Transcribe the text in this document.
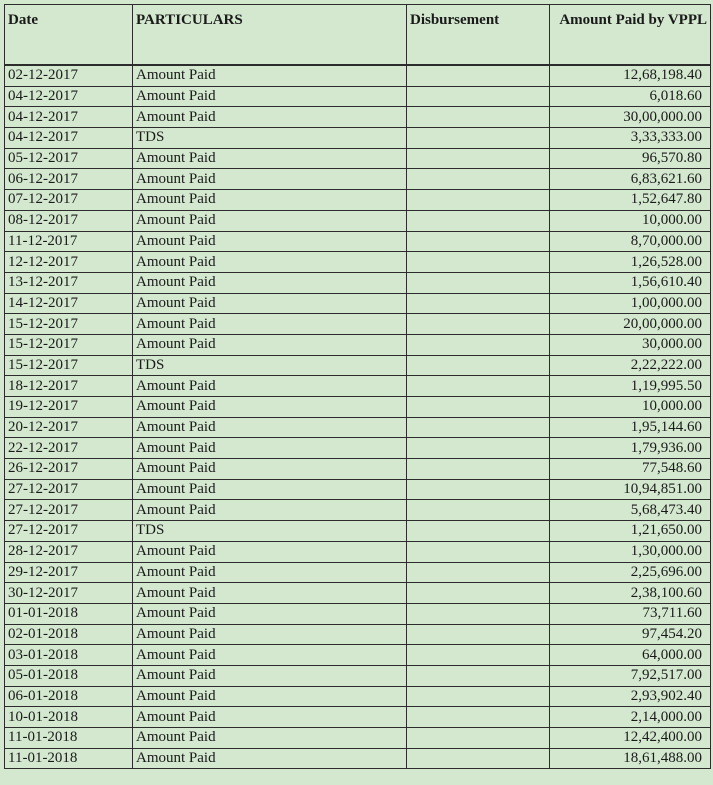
Date	PARTICULARS	Disbursement	Amount Paid by VPPL
02-12-2017	Amount Paid		12,68,198.40
04-12-2017	Amount Paid		6,018.60
04-12-2017	Amount Paid		30,00,000.00
04-12-2017	TDS		3,33,333.00
05-12-2017	Amount Paid		96,570.80
06-12-2017	Amount Paid		6,83,621.60
07-12-2017	Amount Paid		1,52,647.80
08-12-2017	Amount Paid		10,000.00
11-12-2017	Amount Paid		8,70,000.00
12-12-2017	Amount Paid		1,26,528.00
13-12-2017	Amount Paid		1,56,610.40
14-12-2017	Amount Paid		1,00,000.00
15-12-2017	Amount Paid		20,00,000.00
15-12-2017	Amount Paid		30,000.00
15-12-2017	TDS		2,22,222.00
18-12-2017	Amount Paid		1,19,995.50
19-12-2017	Amount Paid		10,000.00
20-12-2017	Amount Paid		1,95,144.60
22-12-2017	Amount Paid		1,79,936.00
26-12-2017	Amount Paid		77,548.60
27-12-2017	Amount Paid		10,94,851.00
27-12-2017	Amount Paid		5,68,473.40
27-12-2017	TDS		1,21,650.00
28-12-2017	Amount Paid		1,30,000.00
29-12-2017	Amount Paid		2,25,696.00
30-12-2017	Amount Paid		2,38,100.60
01-01-2018	Amount Paid		73,711.60
02-01-2018	Amount Paid		97,454.20
03-01-2018	Amount Paid		64,000.00
05-01-2018	Amount Paid		7,92,517.00
06-01-2018	Amount Paid		2,93,902.40
10-01-2018	Amount Paid		2,14,000.00
11-01-2018	Amount Paid		12,42,400.00
11-01-2018	Amount Paid		18,61,488.00
